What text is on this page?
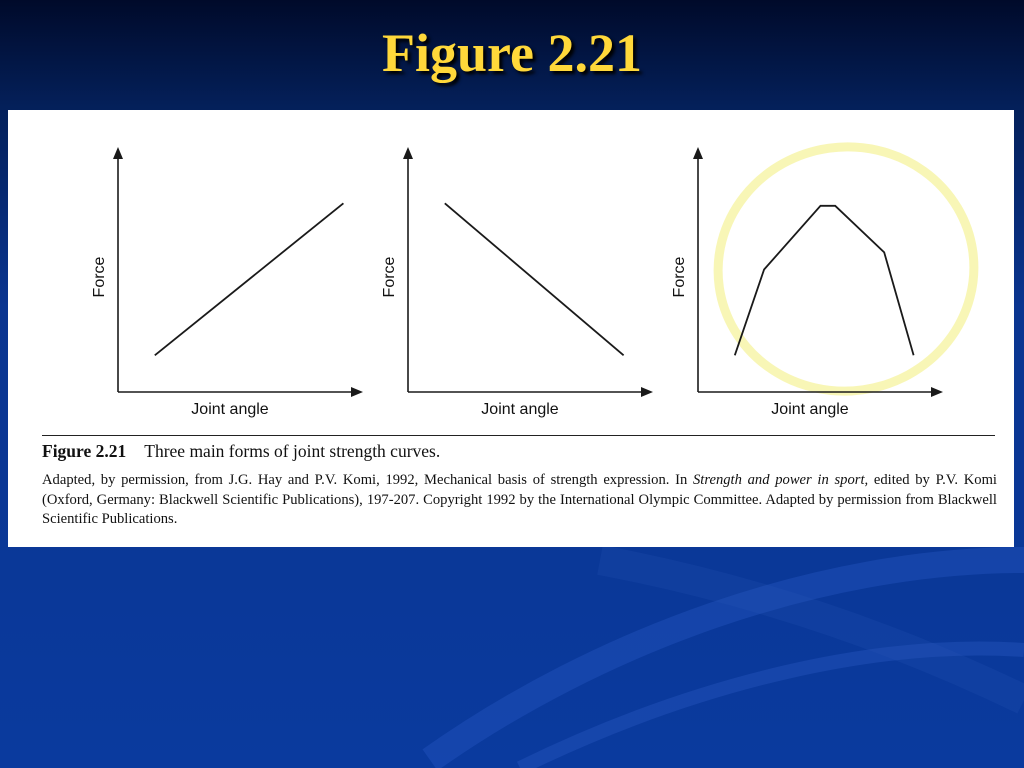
Figure 2.21
Joint angle
Force
Joint angle
Force
Joint angle
Force
Figure 2.21 Three main forms of joint strength curves.
Adapted, by permission, from J.G. Hay and P.V. Komi, 1992, Mechanical basis of strength expression. In Strength and power in sport, edited by P.V. Komi (Oxford, Germany: Blackwell Scientific Publications), 197-207. Copyright 1992 by the International Olympic Committee. Adapted by permission from Blackwell Scientific Publications.
